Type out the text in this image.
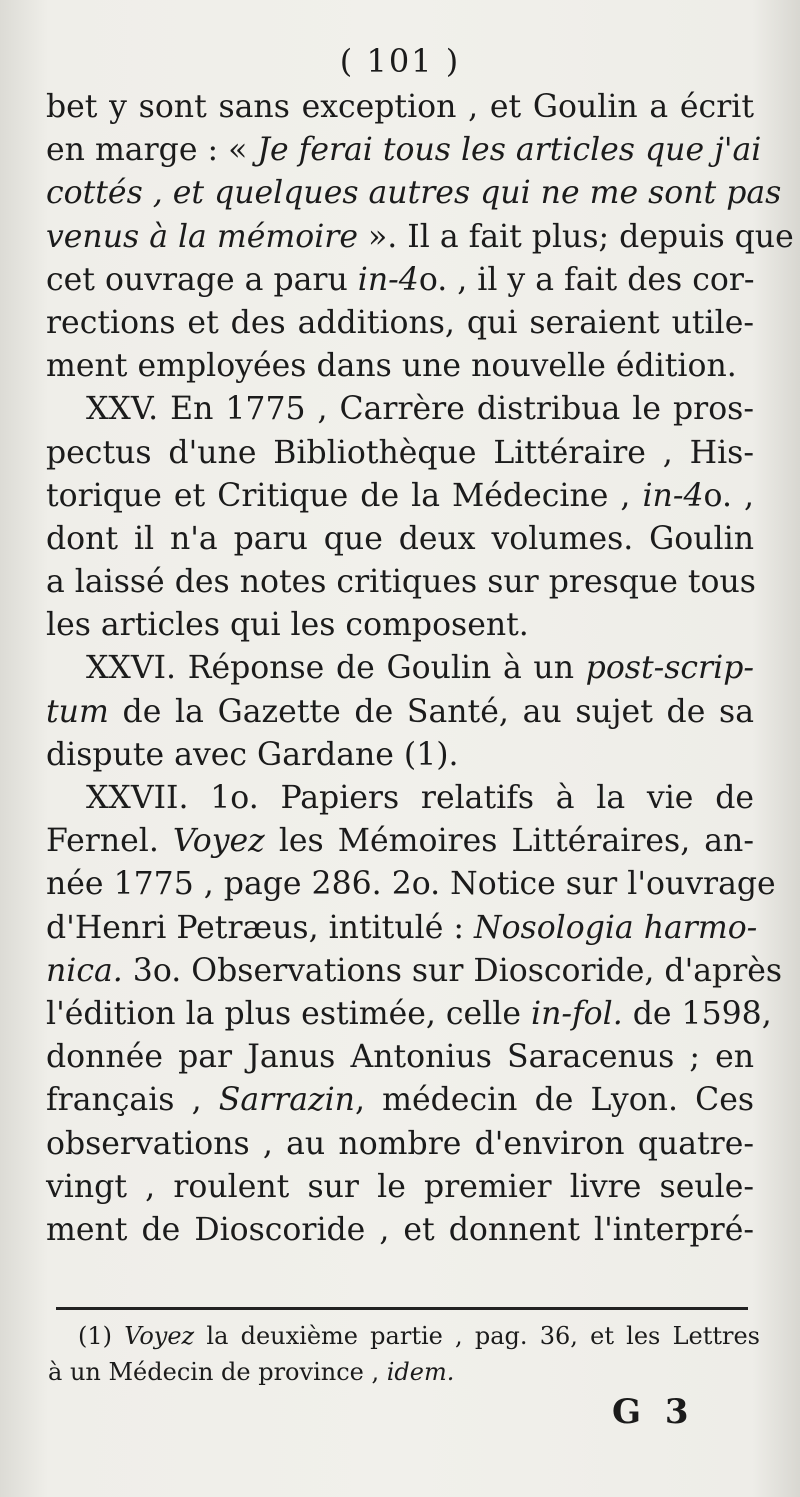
( 101 )
bet y sont sans exception , et Goulin a écrit
en marge : « Je ferai tous les articles que j'ai
cottés , et quelques autres qui ne me sont pas
venus à la mémoire ». Il a fait plus; depuis que
cet ouvrage a paru in-4o. , il y a fait des cor-
rections et des additions, qui seraient utile-
ment employées dans une nouvelle édition.
XXV. En 1775 , Carrère distribua le pros-
pectus d'une Bibliothèque Littéraire , His-
torique et Critique de la Médecine , in-4o. ,
dont il n'a paru que deux volumes. Goulin
a laissé des notes critiques sur presque tous
les articles qui les composent.
XXVI. Réponse de Goulin à un post-scrip-
tum de la Gazette de Santé, au sujet de sa
dispute avec Gardane (1).
XXVII. 1o. Papiers relatifs à la vie de
Fernel. Voyez les Mémoires Littéraires, an-
née 1775 , page 286. 2o. Notice sur l'ouvrage
d'Henri Petræus, intitulé : Nosologia harmo-
nica. 3o. Observations sur Dioscoride, d'après
l'édition la plus estimée, celle in-fol. de 1598,
donnée par Janus Antonius Saracenus ; en
français , Sarrazin, médecin de Lyon. Ces
observations , au nombre d'environ quatre-
vingt , roulent sur le premier livre seule-
ment de Dioscoride , et donnent l'interpré-
(1) Voyez la deuxième partie , pag. 36, et les Lettres
à un Médecin de province , idem.
G 3
